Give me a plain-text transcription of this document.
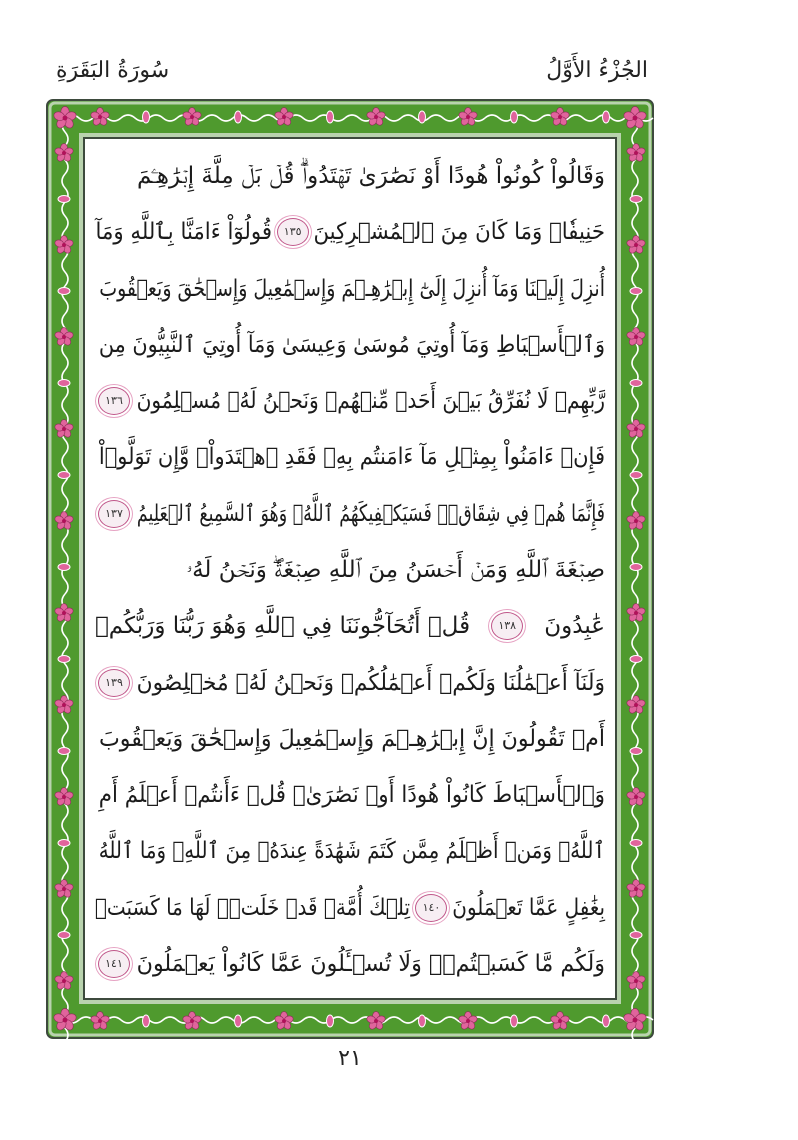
سُورَةُ البَقَرَةِ	الجُزْءُ الأَوَّلُ
وَقَالُواْ كُونُواْ هُودًا أَوْ نَصَٰرَىٰ تَهۡتَدُواْۗ قُلۡ بَلۡ مِلَّةَ إِبۡرَٰهِـۧمَ
حَنِيفٗاۖ وَمَا كَانَ مِنَ ٱلۡمُشۡرِكِينَ
١٣٥
قُولُوٓاْ ءَامَنَّا بِٱللَّهِ وَمَآ
أُنزِلَ إِلَيۡنَا وَمَآ أُنزِلَ إِلَىٰٓ إِبۡرَٰهِـۧمَ وَإِسۡمَٰعِيلَ وَإِسۡحَٰقَ وَيَعۡقُوبَ
وَٱلۡأَسۡبَاطِ وَمَآ أُوتِيَ مُوسَىٰ وَعِيسَىٰ وَمَآ أُوتِيَ ٱلنَّبِيُّونَ مِن
رَّبِّهِمۡ لَا نُفَرِّقُ بَيۡنَ أَحَدٖ مِّنۡهُمۡ وَنَحۡنُ لَهُۥ مُسۡلِمُونَ
١٣٦
فَإِنۡ ءَامَنُواْ بِمِثۡلِ مَآ ءَامَنتُم بِهِۦ فَقَدِ ٱهۡتَدَواْۖ وَّإِن تَوَلَّوۡاْ
فَإِنَّمَا هُمۡ فِي شِقَاقٖۖ فَسَيَكۡفِيكَهُمُ ٱللَّهُۚ وَهُوَ ٱلسَّمِيعُ ٱلۡعَلِيمُ
١٣٧
صِبۡغَةَ ٱللَّهِ وَمَنۡ أَحۡسَنُ مِنَ ٱللَّهِ صِبۡغَةٗۖ وَنَحۡنُ لَهُۥ
عَٰبِدُونَ
١٣٨
قُلۡ أَتُحَآجُّونَنَا فِي ٱللَّهِ وَهُوَ رَبُّنَا وَرَبُّكُمۡ
وَلَنَآ أَعۡمَٰلُنَا وَلَكُمۡ أَعۡمَٰلُكُمۡ وَنَحۡنُ لَهُۥ مُخۡلِصُونَ
١٣٩
أَمۡ تَقُولُونَ إِنَّ إِبۡرَٰهِـۧمَ وَإِسۡمَٰعِيلَ وَإِسۡحَٰقَ وَيَعۡقُوبَ
وَٱلۡأَسۡبَاطَ كَانُواْ هُودًا أَوۡ نَصَٰرَىٰۗ قُلۡ ءَأَنتُمۡ أَعۡلَمُ أَمِ
ٱللَّهُۗ وَمَنۡ أَظۡلَمُ مِمَّن كَتَمَ شَهَٰدَةً عِندَهُۥ مِنَ ٱللَّهِۗ وَمَا ٱللَّهُ
بِغَٰفِلٍ عَمَّا تَعۡمَلُونَ
١٤٠
تِلۡكَ أُمَّةٞ قَدۡ خَلَتۡۖ لَهَا مَا كَسَبَتۡ
وَلَكُم مَّا كَسَبۡتُمۡۖ وَلَا تُسۡـَٔلُونَ عَمَّا كَانُواْ يَعۡمَلُونَ
١٤١
٢١
